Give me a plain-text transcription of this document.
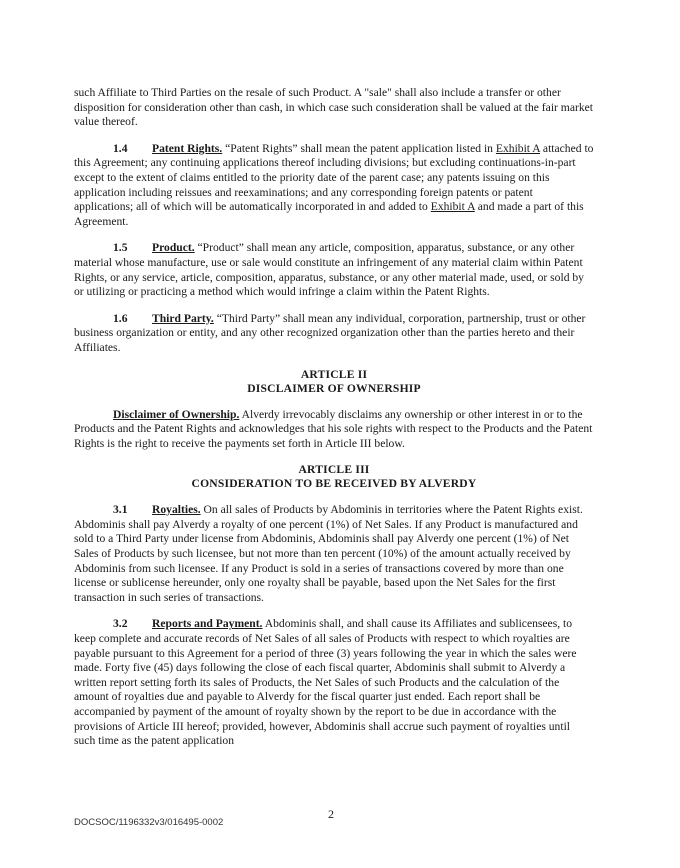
such Affiliate to Third Parties on the resale of such Product. A "sale" shall also include a transfer or other disposition for consideration other than cash, in which case such consideration shall be valued at the fair market value thereof.

1.4 Patent Rights. “Patent Rights” shall mean the patent application listed in Exhibit A attached to this Agreement; any continuing applications thereof including divisions; but excluding continuations-in-part except to the extent of claims entitled to the priority date of the parent case; any patents issuing on this application including reissues and reexaminations; and any corresponding foreign patents or patent applications; all of which will be automatically incorporated in and added to Exhibit A and made a part of this Agreement.

1.5 Product. “Product” shall mean any article, composition, apparatus, substance, or any other material whose manufacture, use or sale would constitute an infringement of any material claim within Patent Rights, or any service, article, composition, apparatus, substance, or any other material made, used, or sold by or utilizing or practicing a method which would infringe a claim within the Patent Rights.

1.6 Third Party. “Third Party” shall mean any individual, corporation, partnership, trust or other business organization or entity, and any other recognized organization other than the parties hereto and their Affiliates.

ARTICLE II
DISCLAIMER OF OWNERSHIP

Disclaimer of Ownership. Alverdy irrevocably disclaims any ownership or other interest in or to the Products and the Patent Rights and acknowledges that his sole rights with respect to the Products and the Patent Rights is the right to receive the payments set forth in Article III below.

ARTICLE III
CONSIDERATION TO BE RECEIVED BY ALVERDY

3.1 Royalties. On all sales of Products by Abdominis in territories where the Patent Rights exist. Abdominis shall pay Alverdy a royalty of one percent (1%) of Net Sales. If any Product is manufactured and sold to a Third Party under license from Abdominis, Abdominis shall pay Alverdy one percent (1%) of Net Sales of Products by such licensee, but not more than ten percent (10%) of the amount actually received by Abdominis from such licensee. If any Product is sold in a series of transactions covered by more than one license or sublicense hereunder, only one royalty shall be payable, based upon the Net Sales for the first transaction in such series of transactions.

3.2 Reports and Payment. Abdominis shall, and shall cause its Affiliates and sublicensees, to keep complete and accurate records of Net Sales of all sales of Products with respect to which royalties are payable pursuant to this Agreement for a period of three (3) years following the year in which the sales were made. Forty five (45) days following the close of each fiscal quarter, Abdominis shall submit to Alverdy a written report setting forth its sales of Products, the Net Sales of such Products and the calculation of the amount of royalties due and payable to Alverdy for the fiscal quarter just ended. Each report shall be accompanied by payment of the amount of royalty shown by the report to be due in accordance with the provisions of Article III hereof; provided, however, Abdominis shall accrue such payment of royalties until such time as the patent application

2
DOCSOC/1196332v3/016495-0002
